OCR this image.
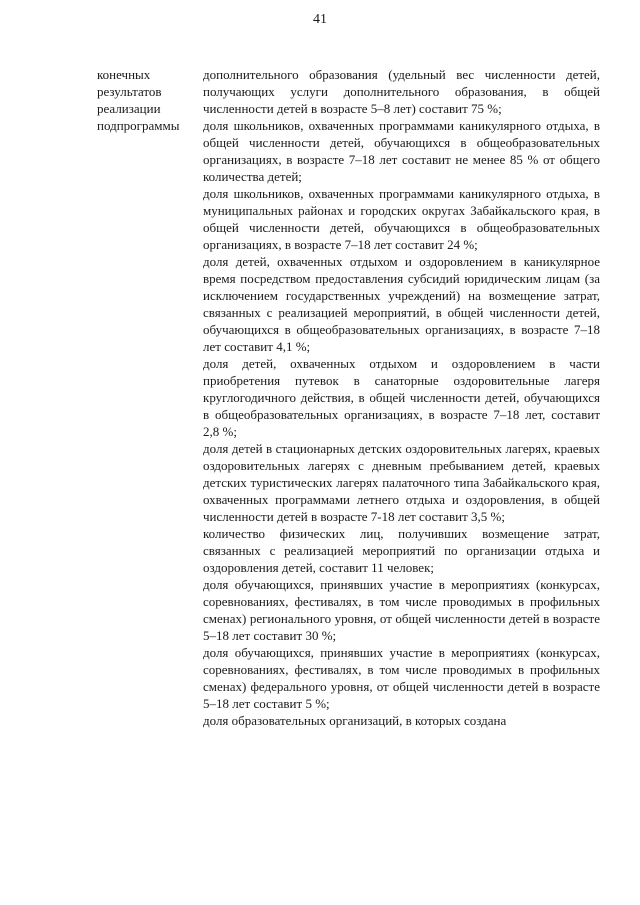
41
конечных
результатов
реализации
подпрограммы

дополнительного образования (удельный вес численности детей, получающих услуги дополнительного образования, в общей численности детей в возрасте 5–8 лет) составит 75 %;

доля школьников, охваченных программами каникулярного отдыха, в общей численности детей, обучающихся в общеобразовательных организациях, в возрасте 7–18 лет составит не менее 85 % от общего количества детей;

доля школьников, охваченных программами каникулярного отдыха, в муниципальных районах и городских округах Забайкальского края, в общей численности детей, обучающихся в общеобразовательных организациях, в возрасте 7–18 лет составит 24 %;

доля детей, охваченных отдыхом и оздоровлением в каникулярное время посредством предоставления субсидий юридическим лицам (за исключением государственных учреждений) на возмещение затрат, связанных с реализацией мероприятий, в общей численности детей, обучающихся в общеобразовательных организациях, в возрасте 7–18 лет составит 4,1 %;

доля детей, охваченных отдыхом и оздоровлением в части приобретения путевок в санаторные оздоровительные лагеря круглогодичного действия, в общей численности детей, обучающихся в общеобразовательных организациях, в возрасте 7–18 лет, составит 2,8 %;

доля детей в стационарных детских оздоровительных лагерях, краевых оздоровительных лагерях с дневным пребыванием детей, краевых детских туристических лагерях палаточного типа Забайкальского края, охваченных программами летнего отдыха и оздоровления, в общей численности детей в возрасте 7-18 лет составит 3,5 %;

количество физических лиц, получивших возмещение затрат, связанных с реализацией мероприятий по организации отдыха и оздоровления детей, составит 11 человек;

доля обучающихся, принявших участие в мероприятиях (конкурсах, соревнованиях, фестивалях, в том числе проводимых в профильных сменах) регионального уровня, от общей численности детей в возрасте 5–18 лет составит 30 %;

доля обучающихся, принявших участие в мероприятиях (конкурсах, соревнованиях, фестивалях, в том числе проводимых в профильных сменах) федерального уровня, от общей численности детей в возрасте 5–18 лет составит 5 %;

доля образовательных организаций, в которых создана
